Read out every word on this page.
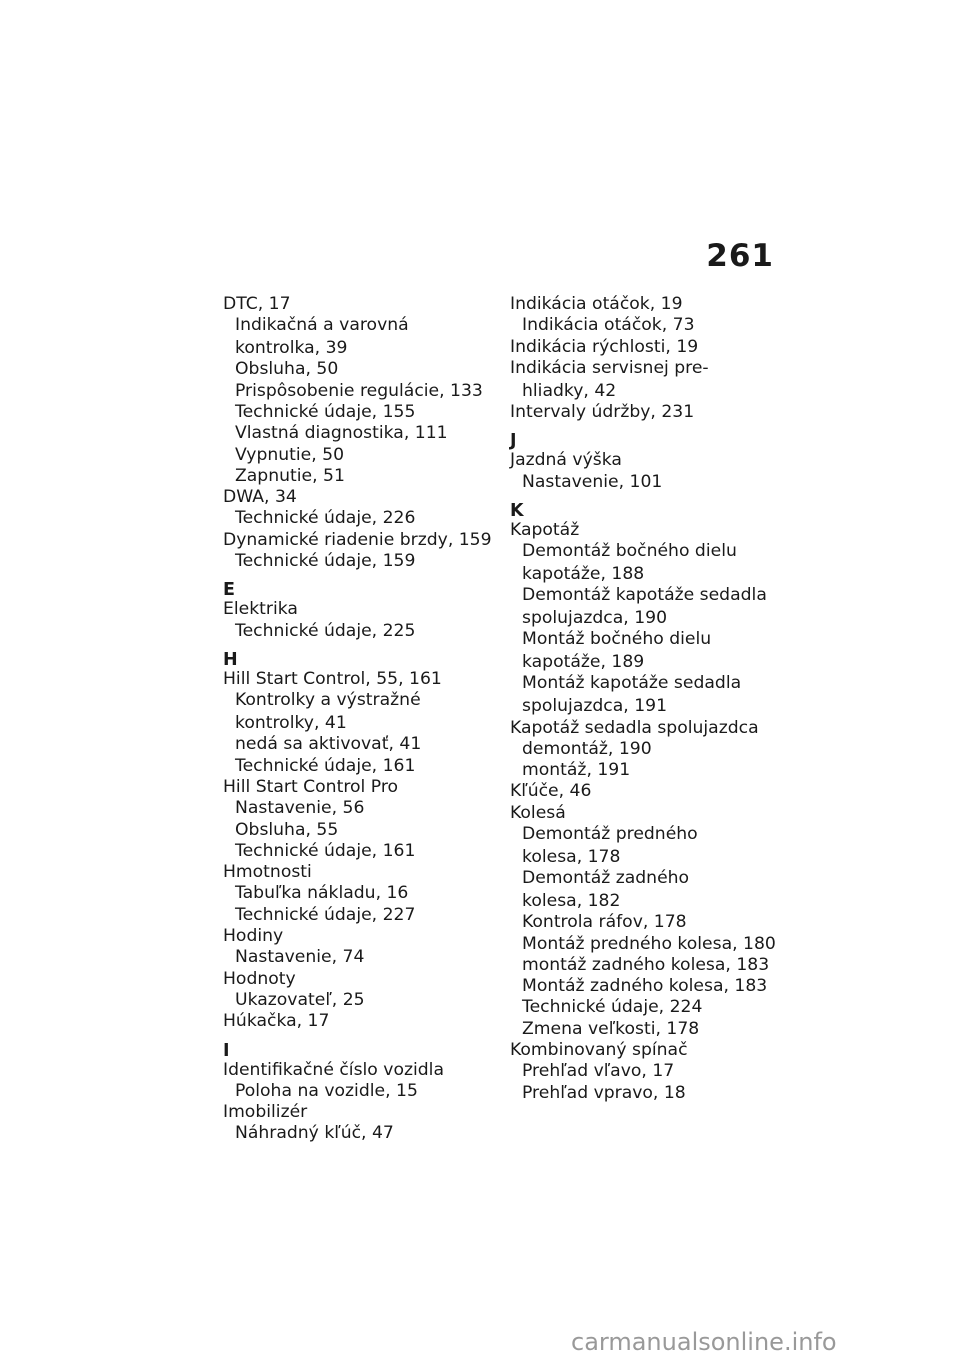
261
DTC, 17
Indikačná a varovná
kontrolka, 39
Obsluha, 50
Prispôsobenie regulácie, 133
Technické údaje, 155
Vlastná diagnostika, 111
Vypnutie, 50
Zapnutie, 51
DWA, 34
Technické údaje, 226
Dynamické riadenie brzdy, 159
Technické údaje, 159
E
Elektrika
Technické údaje, 225
H
Hill Start Control, 55, 161
Kontrolky a výstražné
kontrolky, 41
nedá sa aktivovať, 41
Technické údaje, 161
Hill Start Control Pro
Nastavenie, 56
Obsluha, 55
Technické údaje, 161
Hmotnosti
Tabuľka nákladu, 16
Technické údaje, 227
Hodiny
Nastavenie, 74
Hodnoty
Ukazovateľ, 25
Húkačka, 17
I
Identifikačné číslo vozidla
Poloha na vozidle, 15
Imobilizér
Náhradný kľúč, 47
Indikácia otáčok, 19
Indikácia otáčok, 73
Indikácia rýchlosti, 19
Indikácia servisnej pre-
hliadky, 42
Intervaly údržby, 231
J
Jazdná výška
Nastavenie, 101
K
Kapotáž
Demontáž bočného dielu
kapotáže, 188
Demontáž kapotáže sedadla
spolujazdca, 190
Montáž bočného dielu
kapotáže, 189
Montáž kapotáže sedadla
spolujazdca, 191
Kapotáž sedadla spolujazdca
demontáž, 190
montáž, 191
Kľúče, 46
Kolesá
Demontáž predného
kolesa, 178
Demontáž zadného
kolesa, 182
Kontrola ráfov, 178
Montáž predného kolesa, 180
montáž zadného kolesa, 183
Montáž zadného kolesa, 183
Technické údaje, 224
Zmena veľkosti, 178
Kombinovaný spínač
Prehľad vľavo, 17
Prehľad vpravo, 18
carmanualsonline.info
